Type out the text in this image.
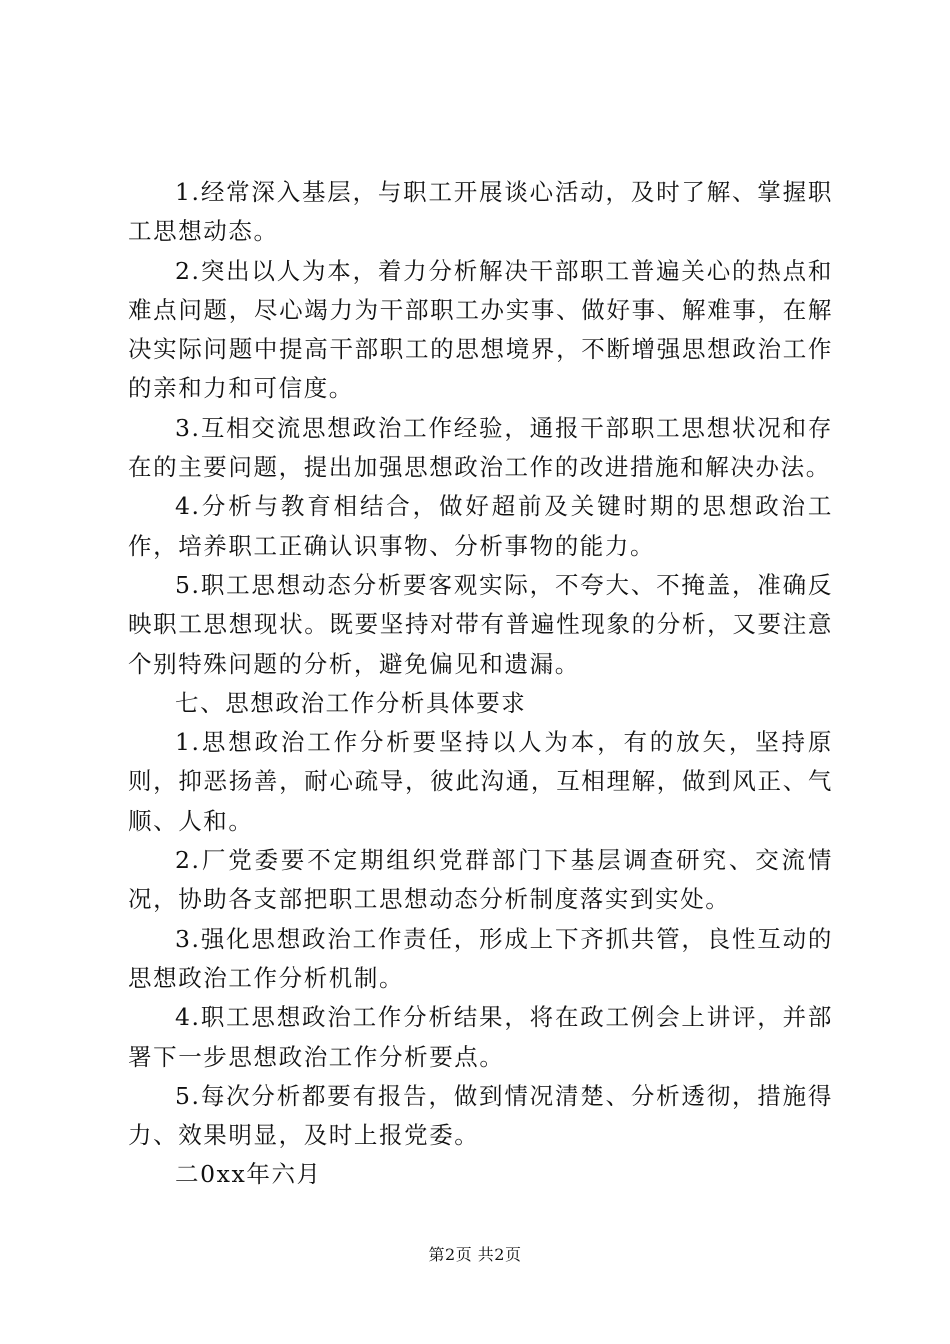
1.经常深入基层，与职工开展谈心活动，及时了解、掌握职工思想动态。

2.突出以人为本，着力分析解决干部职工普遍关心的热点和难点问题，尽心竭力为干部职工办实事、做好事、解难事，在解决实际问题中提高干部职工的思想境界，不断增强思想政治工作的亲和力和可信度。

3.互相交流思想政治工作经验，通报干部职工思想状况和存在的主要问题，提出加强思想政治工作的改进措施和解决办法。

4.分析与教育相结合，做好超前及关键时期的思想政治工作，培养职工正确认识事物、分析事物的能力。

5.职工思想动态分析要客观实际，不夸大、不掩盖，准确反映职工思想现状。既要坚持对带有普遍性现象的分析，又要注意个别特殊问题的分析，避免偏见和遗漏。

七、思想政治工作分析具体要求

1.思想政治工作分析要坚持以人为本，有的放矢，坚持原则，抑恶扬善，耐心疏导，彼此沟通，互相理解，做到风正、气顺、人和。

2.厂党委要不定期组织党群部门下基层调查研究、交流情况，协助各支部把职工思想动态分析制度落实到实处。

3.强化思想政治工作责任，形成上下齐抓共管，良性互动的思想政治工作分析机制。

4.职工思想政治工作分析结果，将在政工例会上讲评，并部署下一步思想政治工作分析要点。

5.每次分析都要有报告，做到情况清楚、分析透彻，措施得力、效果明显，及时上报党委。

二0xx年六月

第2页 共2页
